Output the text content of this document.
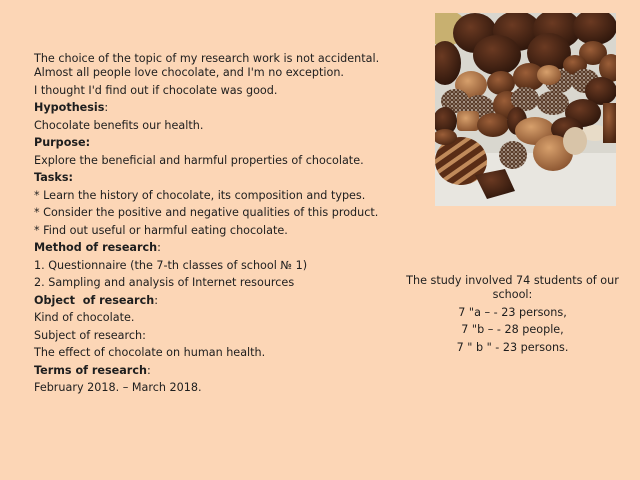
The choice of the topic of my research work is not accidental. Almost all people love chocolate, and I'm no exception.

I thought I'd find out if chocolate was good.

Hypothesis:

Chocolate benefits our health.

Purpose:

Explore the beneficial and harmful properties of chocolate.

Tasks:

* Learn the history of chocolate, its composition and types.

* Consider the positive and negative qualities of this product.

* Find out useful or harmful eating chocolate.

Method of research:

1. Questionnaire (the 7-th classes of school № 1)

2. Sampling and analysis of Internet resources

Object  of research:

Kind of chocolate.

Subject of research:

The effect of chocolate on human health.

Terms of research:

February 2018. – March 2018.

The study involved 74 students of our school:

7 "a – - 23 persons,

7 "b – - 28 people,

7 " b " - 23 persons.
